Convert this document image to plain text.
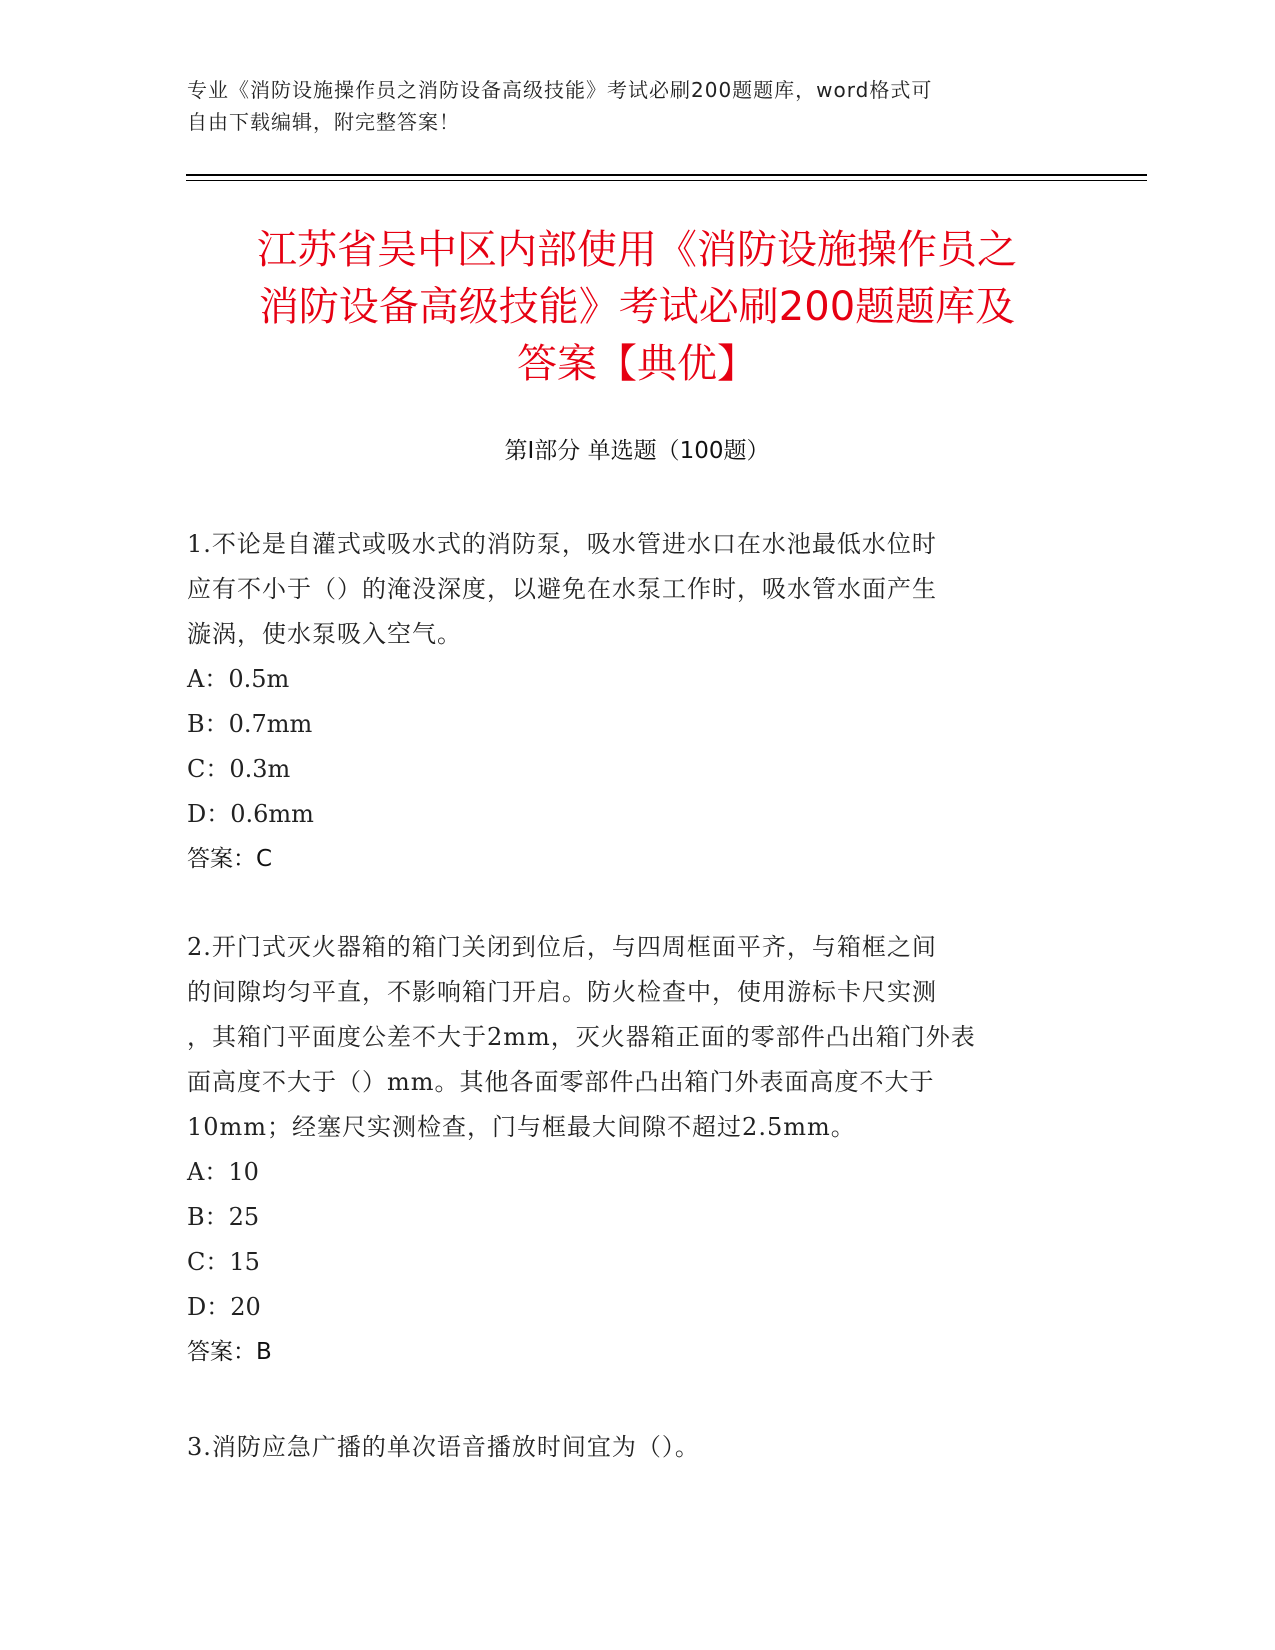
专业《消防设施操作员之消防设备高级技能》考试必刷200题题库，word格式可
自由下载编辑，附完整答案！
江苏省吴中区内部使用《消防设施操作员之
消防设备高级技能》考试必刷200题题库及
答案【典优】
第I部分 单选题（100题）
1.不论是自灌式或吸水式的消防泵，吸水管进水口在水池最低水位时
应有不小于（）的淹没深度，以避免在水泵工作时，吸水管水面产生
漩涡，使水泵吸入空气。
A：0.5m
B：0.7mm
C：0.3m
D：0.6mm
答案：C
2.开门式灭火器箱的箱门关闭到位后，与四周框面平齐，与箱框之间
的间隙均匀平直，不影响箱门开启。防火检查中，使用游标卡尺实测
，其箱门平面度公差不大于2mm，灭火器箱正面的零部件凸出箱门外表
面高度不大于（）mm。其他各面零部件凸出箱门外表面高度不大于
10mm；经塞尺实测检查，门与框最大间隙不超过2.5mm。
A：10
B：25
C：15
D：20
答案：B
3.消防应急广播的单次语音播放时间宜为（）。
